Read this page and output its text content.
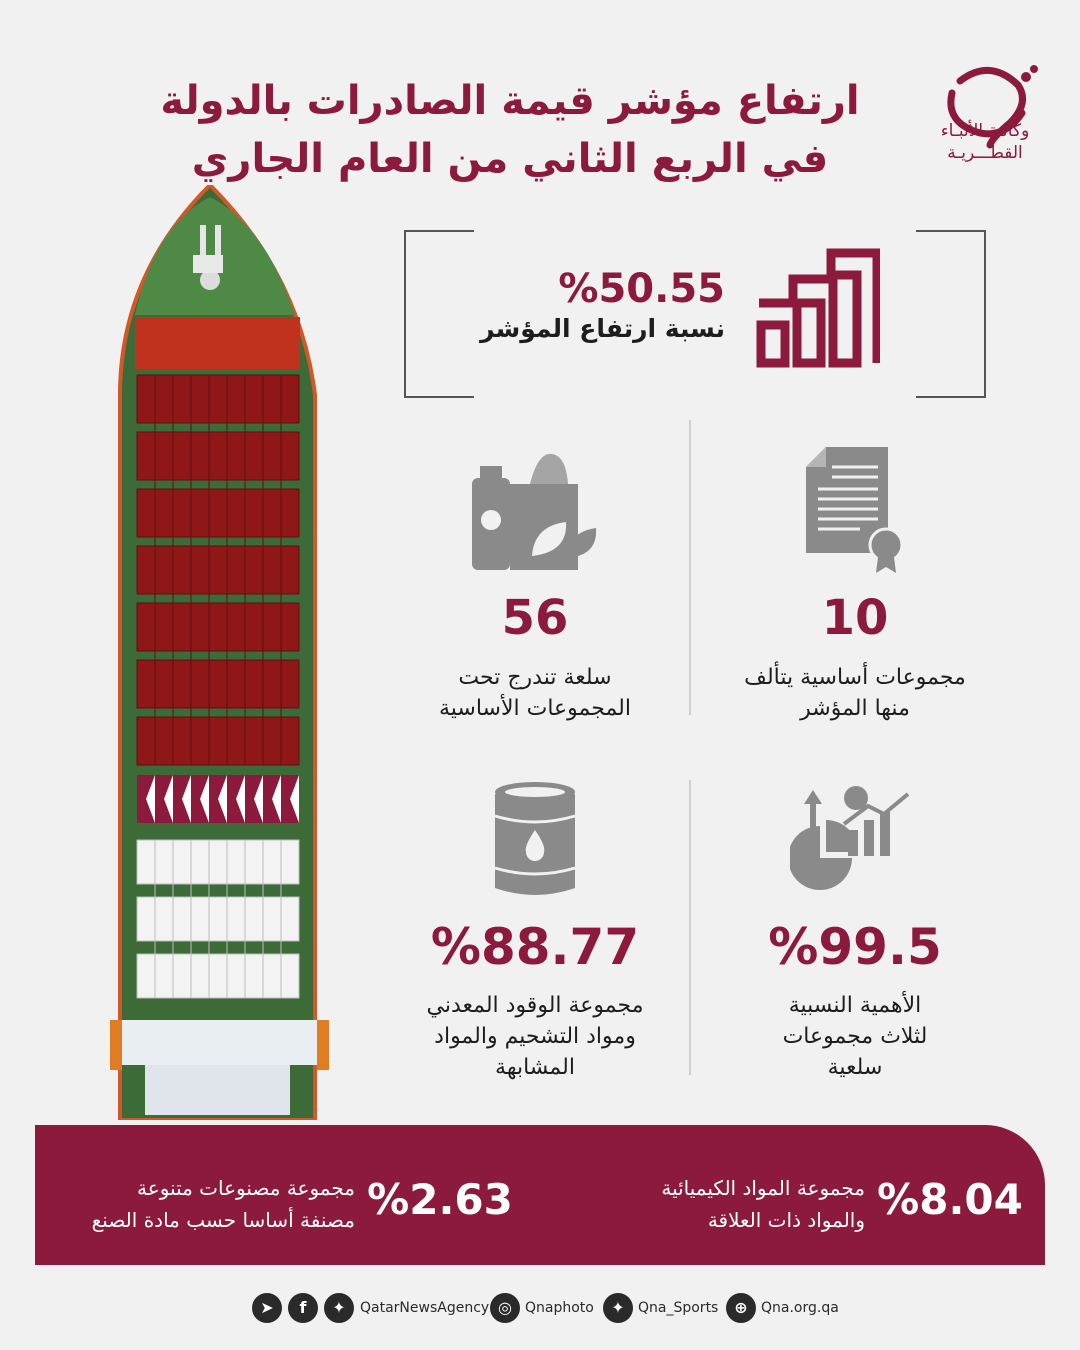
ارتفاع مؤشر قيمة الصادرات بالدولة
في الربع الثاني من العام الجاري
وكالـة الأنبـاء
القطـــريـة
%50.55
نسبة ارتفاع المؤشر
10
مجموعات أساسية يتألف
منها المؤشر
56
سلعة تندرج تحت
المجموعات الأساسية
%99.5
الأهمية النسبية
لثلاث مجموعات
سلعية
%88.77
مجموعة الوقود المعدني
ومواد التشحيم والمواد
المشابهة
%8.04
مجموعة المواد الكيميائية
والمواد ذات العلاقة
%2.63
مجموعة مصنوعات متنوعة
مصنفة أساسا حسب مادة الصنع
➤	f	✦	QatarNewsAgency ◎ Qnaphoto	✦ Qna_Sports ⊕ Qna.org.qa
